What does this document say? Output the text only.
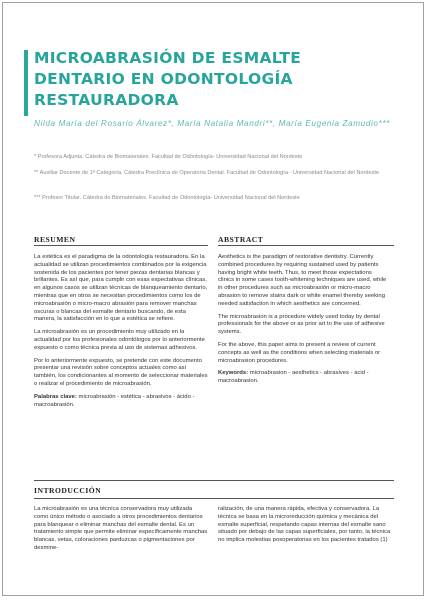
MICROABRASIÓN DE ESMALTE DENTARIO EN ODONTOLOGÍA RESTAURADORA
Nilda María del Rosario Álvarez*, María Natalia Mandri**, María Eugenia Zamudio***
* Profesora Adjunta. Cátedra de Biomateriales. Facultad de Odontología- Universidad Nacional del Nordeste
** Auxiliar Docente de 1ª Categoría. Cátedra Preclínica de Operatoria Dental. Facultad de Odontología - Universidad Nacional del Nordeste
*** Profesor Titular. Cátedra de Biomateriales. Facultad de Odontología- Universidad Nacional del Nordeste
RESUMEN

La estética es el paradigma de la odontología restauradora. En la actualidad se utilizan procedimientos combinados por la exigencia sostenida de los pacientes por tener piezas dentarias blancas y brillantes. Es así que, para cumplir con esas expectativas clínicas, en algunos casos se utilizan técnicas de blanqueamiento dentario, mientras que en otros se necesitan procedimientos como los de microabrasión o micro-macro abrasión para remover manchas oscuras o blancas del esmalte dentario buscando, de esta manera, la satisfacción en lo que a estética se refiere.

La microabrasión es un procedimiento muy utilizado en la actualidad por los profesionales odontólogos por lo anteriormente expuesto o como técnica previa al uso de sistemas adhesivos.

Por lo anteriormente expuesto, se pretende con este documento presentar una revisión sobre conceptos actuales como así también, los condicionantes al momento de seleccionar materiales o realizar el procedimiento de microabrasión.

Palabras clave: microabrasión - estética - abrasivos - ácido - macroabrasión.

ABSTRACT

Aesthetics is the paradigm of restorative dentistry. Currently combined procedures by requiring sustained used by patients having bright white teeth. Thus, to meet those expectations clinics in some cases tooth-whitening techniques are used, while in other procedures such as microabrasión or micro-macro abrasion to remove stains dark or white enamel thereby seeking needed satisfaction in which aesthetics are concerned.

The microabrasion is a procedure widely used today by dental professionals for the above or as prior art to the use of adhesive systems.

For the above, this paper aims to present a review of current concepts as well as the conditions when selecting materials or microabrasion procedures.

Keywords: microabrasion - aesthetics - abrasives - acid - macroabrasion.

INTRODUCCIÓN
La microabrasión es una técnica conservadora muy utilizada como único método o asociado a otros procedimientos dentarios para blanquear o eliminar manchas del esmalte dental. Es un tratamiento simple que permite eliminar específicamente manchas blancas, vetas, coloraciones parduzcas o pigmentaciones por desmine-
ralización, de una manera rápida, efectiva y conservadora. La técnica se basa en la microreducción química y mecánica del esmalte superficial, respetando capas internas del esmalte sano situado por debajo de las capas superficiales, por tanto, la técnica no implica molestias posoperatorias en los pacientes tratados (1)
